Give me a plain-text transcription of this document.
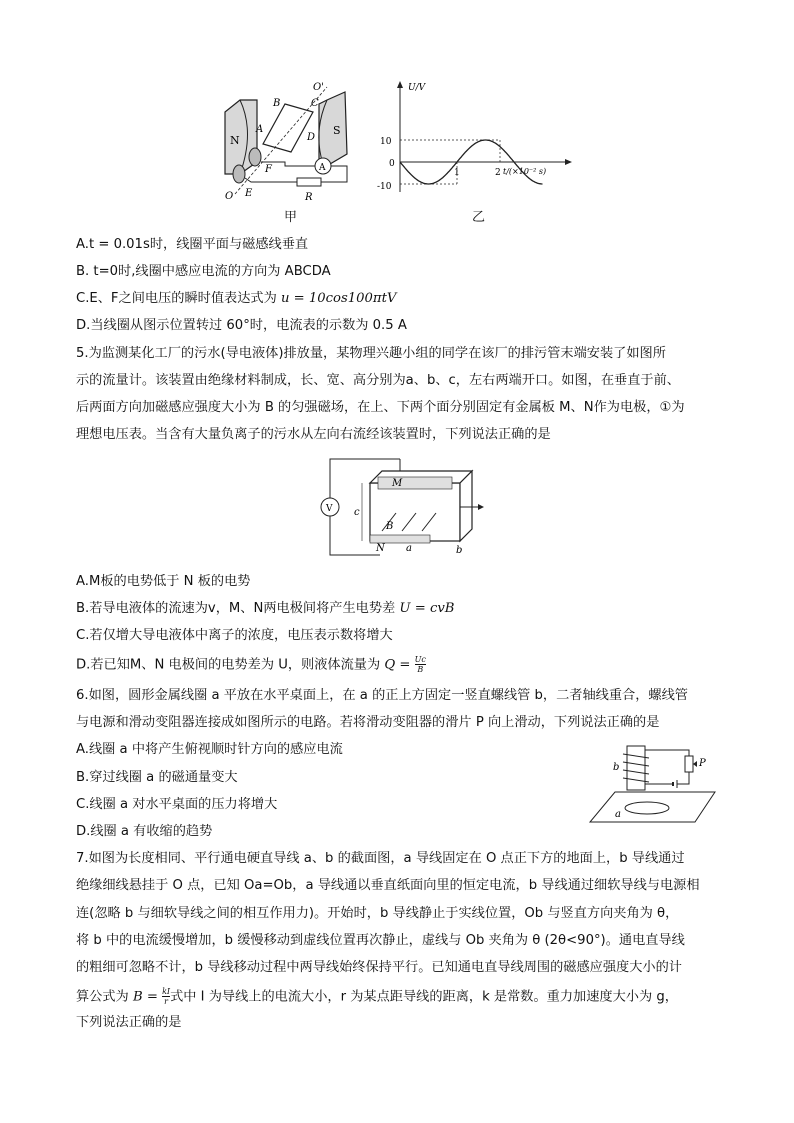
N
S
A
B	C
D
O'
F
E
O
A
R
甲
U/V
t/(×10⁻² s)
10
0
-10
1	2
乙
A.t = 0.01s时，线圈平面与磁感线垂直
B. t=0时,线圈中感应电流的方向为 ABCDA
C.E、F之间电压的瞬时值表达式为 u = 10cos100πtV
D.当线圈从图示位置转过 60°时，电流表的示数为 0.5 A
5.为监测某化工厂的污水(导电液体)排放量，某物理兴趣小组的同学在该厂的排污管末端安装了如图所
示的流量计。该装置由绝缘材料制成，长、宽、高分别为a、b、c，左右两端开口。如图，在垂直于前、
后两面方向加磁感应强度大小为 B 的匀强磁场，在上、下两个面分别固定有金属板 M、N作为电极，①为
理想电压表。当含有大量负离子的污水从左向右流经该装置时，下列说法正确的是
V
M
N
B
c
a	b
A.M板的电势低于 N 板的电势
B.若导电液体的流速为v，M、N两电极间将产生电势差 U = cvB
C.若仅增大导电液体中离子的浓度，电压表示数将增大
D.若已知M、N 电极间的电势差为 U，则液体流量为 $Q = \frac{Uc}{B}$
6.如图，圆形金属线圈 a 平放在水平桌面上，在 a 的正上方固定一竖直螺线管 b，二者轴线重合，螺线管
与电源和滑动变阻器连接成如图所示的电路。若将滑动变阻器的滑片 P 向上滑动，下列说法正确的是
A.线圈 a 中将产生俯视顺时针方向的感应电流
B.穿过线圈 a 的磁通量变大
C.线圈 a 对水平桌面的压力将增大
D.线圈 a 有收缩的趋势
a
b	P
7.如图为长度相同、平行通电硬直导线 a、b 的截面图，a 导线固定在 O 点正下方的地面上，b 导线通过
绝缘细线悬挂于 O 点，已知 Oa=Ob，a 导线通以垂直纸面向里的恒定电流，b 导线通过细软导线与电源相
连(忽略 b 与细软导线之间的相互作用力)。开始时，b 导线静止于实线位置，Ob 与竖直方向夹角为 θ，
将 b 中的电流缓慢增加，b 缓慢移动到虚线位置再次静止，虚线与 Ob 夹角为 θ (2θ<90°)。通电直导线
的粗细可忽略不计，b 导线移动过程中两导线始终保持平行。已知通电直导线周围的磁感应强度大小的计
算公式为 $B = \frac{kI}{r}$ 式中 I 为导线上的电流大小，r 为某点距导线的距离，k 是常数。重力加速度大小为 g，
下列说法正确的是
